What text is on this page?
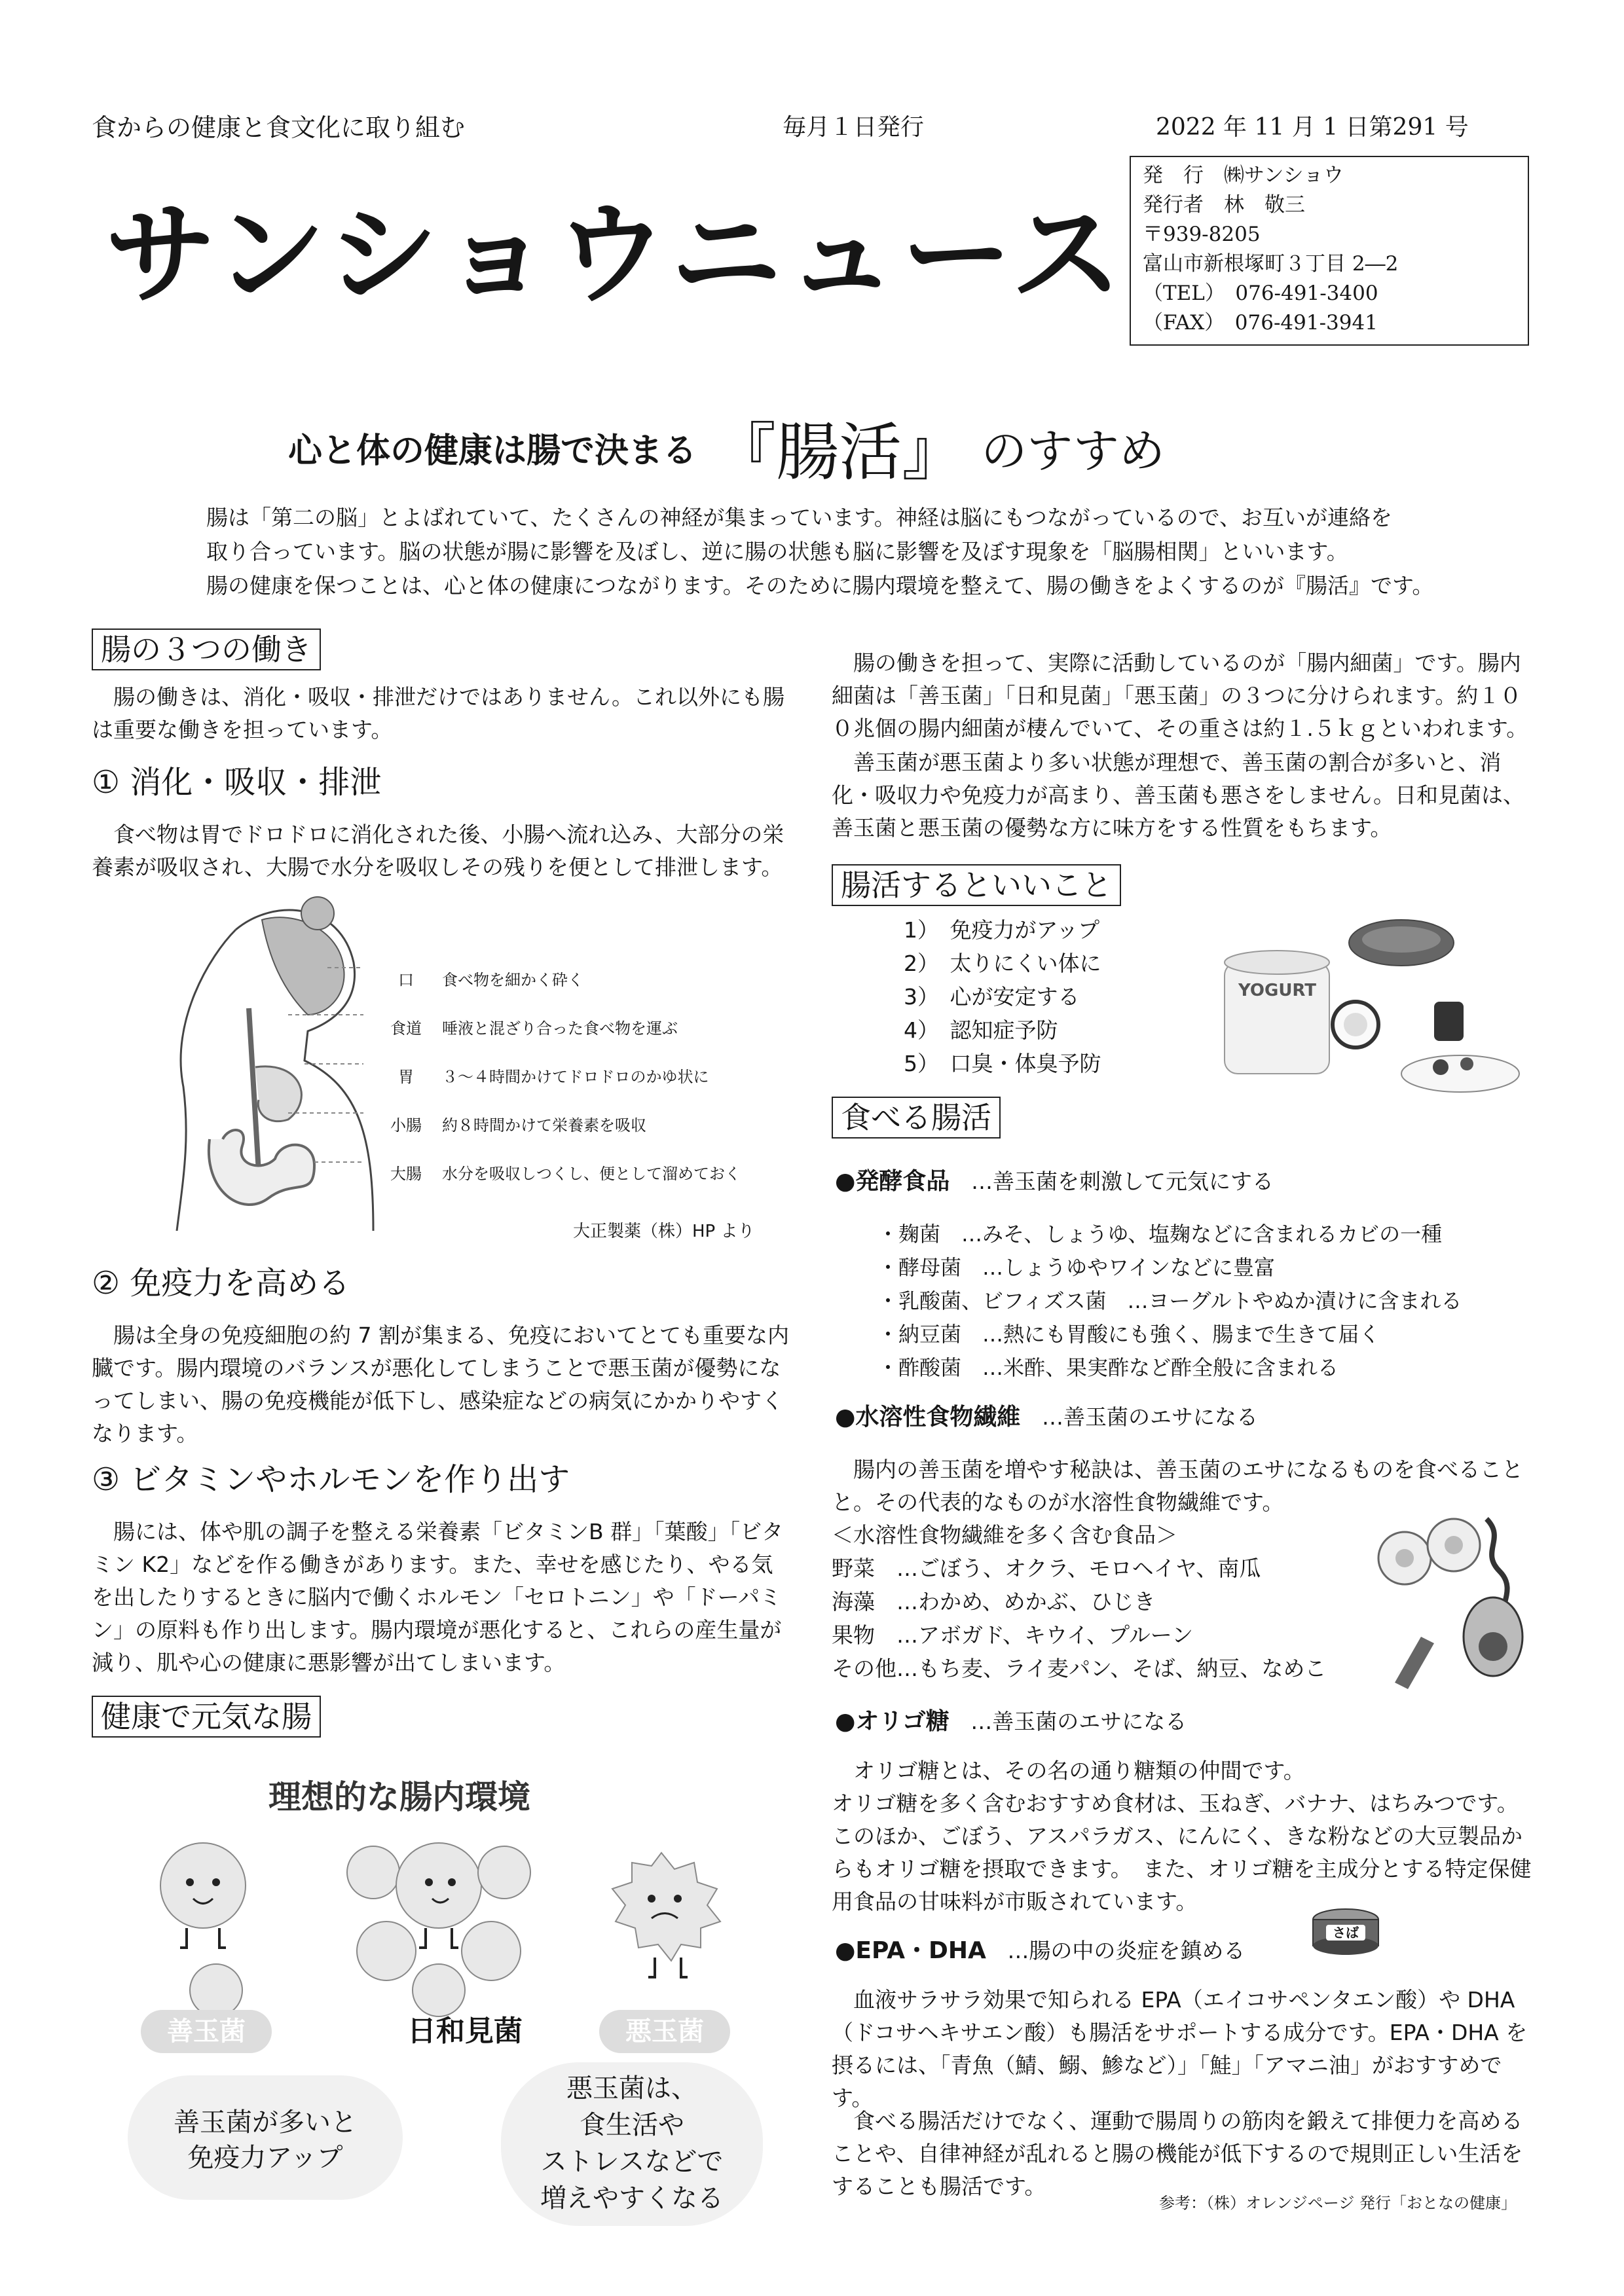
食からの健康と食文化に取り組む	毎月１日発行	2022 年 11 月 1 日第291 号
サンショウニュース
発　行　㈱サンショウ
発行者　林　敬三
〒939-8205
富山市新根塚町３丁目 2―2
（TEL）　076-491-3400
（FAX）　076-491-3941
心と体の健康は腸で決まる 『腸活』 のすすめ

腸は「第二の脳」とよばれていて、たくさんの神経が集まっています。神経は脳にもつながっているので、お互いが連絡を

取り合っています。脳の状態が腸に影響を及ぼし、逆に腸の状態も脳に影響を及ぼす現象を「脳腸相関」といいます。

腸の健康を保つことは、心と体の健康につながります。そのために腸内環境を整えて、腸の働きをよくするのが『腸活』です。

腸の３つの働き
腸の働きは、消化・吸収・排泄だけではありません。これ以外にも腸は重要な働きを担っています。
① 消化・吸収・排泄
食べ物は胃でドロドロに消化された後、小腸へ流れ込み、大部分の栄養素が吸収され、大腸で水分を吸収しその残りを便として排泄します。
口 食べ物を細かく砕く
食道 唾液と混ざり合った食べ物を運ぶ
胃 ３～４時間かけてドロドロのかゆ状に
小腸 約８時間かけて栄養素を吸収
大腸 水分を吸収しつくし、便として溜めておく
大正製薬（株）HP より
② 免疫力を高める
腸は全身の免疫細胞の約 7 割が集まる、免疫においてとても重要な内臓です。腸内環境のバランスが悪化してしまうことで悪玉菌が優勢になってしまい、腸の免疫機能が低下し、感染症などの病気にかかりやすくなります。
③ ビタミンやホルモンを作り出す
腸には、体や肌の調子を整える栄養素「ビタミンB 群」「葉酸」「ビタミン K2」などを作る働きがあります。また、幸せを感じたり、やる気を出したりするときに脳内で働くホルモン「セロトニン」や「ドーパミン」の原料も作り出します。腸内環境が悪化すると、これらの産生量が減り、肌や心の健康に悪影響が出てしまいます。
健康で元気な腸
理想的な腸内環境
善玉菌	日和見菌	悪玉菌
善玉菌が多いと
免疫力アップ
悪玉菌は、
食生活や
ストレスなどで
増えやすくなる
腸の働きを担って、実際に活動しているのが「腸内細菌」です。腸内細菌は「善玉菌」「日和見菌」「悪玉菌」の３つに分けられます。約１００兆個の腸内細菌が棲んでいて、その重さは約１.５ｋｇといわれます。
善玉菌が悪玉菌より多い状態が理想で、善玉菌の割合が多いと、消化・吸収力や免疫力が高まり、善玉菌も悪さをしません。日和見菌は、善玉菌と悪玉菌の優勢な方に味方をする性質をもちます。
腸活するといいこと
1）　免疫力がアップ
2）　太りにくい体に
3）　心が安定する
4）　認知症予防
5）　口臭・体臭予防
YOGURT
食べる腸活
●発酵食品 …善玉菌を刺激して元気にする
・麹菌　…みそ、しょうゆ、塩麹などに含まれるカビの一種
・酵母菌　…しょうゆやワインなどに豊富
・乳酸菌、ビフィズス菌　…ヨーグルトやぬか漬けに含まれる
・納豆菌　…熱にも胃酸にも強く、腸まで生きて届く
・酢酸菌　…米酢、果実酢など酢全般に含まれる
●水溶性食物繊維 …善玉菌のエサになる
腸内の善玉菌を増やす秘訣は、善玉菌のエサになるものを食べることと。その代表的なものが水溶性食物繊維です。
＜水溶性食物繊維を多く含む食品＞
野菜　…ごぼう、オクラ、モロヘイヤ、南瓜
海藻　…わかめ、めかぶ、ひじき
果物　…アボガド、キウイ、プルーン
その他…もち麦、ライ麦パン、そば、納豆、なめこ
●オリゴ糖 …善玉菌のエサになる

オリゴ糖とは、その名の通り糖類の仲間です。

オリゴ糖を多く含むおすすめ食材は、玉ねぎ、バナナ、はちみつです。このほか、ごぼう、アスパラガス、にんにく、きな粉などの大豆製品からもオリゴ糖を摂取できます。　また、オリゴ糖を主成分とする特定保健用食品の甘味料が市販されています。

●EPA・DHA …腸の中の炎症を鎮める
さば
血液サラサラ効果で知られる EPA（エイコサペンタエン酸）や DHA（ドコサヘキサエン酸）も腸活をサポートする成分です。EPA・DHA を摂るには、「青魚（鯖、鰯、鯵など）」「鮭」「アマニ油」がおすすめです。
食べる腸活だけでなく、運動で腸周りの筋肉を鍛えて排便力を高めることや、自律神経が乱れると腸の機能が低下するので規則正しい生活をすることも腸活です。
参考：（株）オレンジページ 発行「おとなの健康」
